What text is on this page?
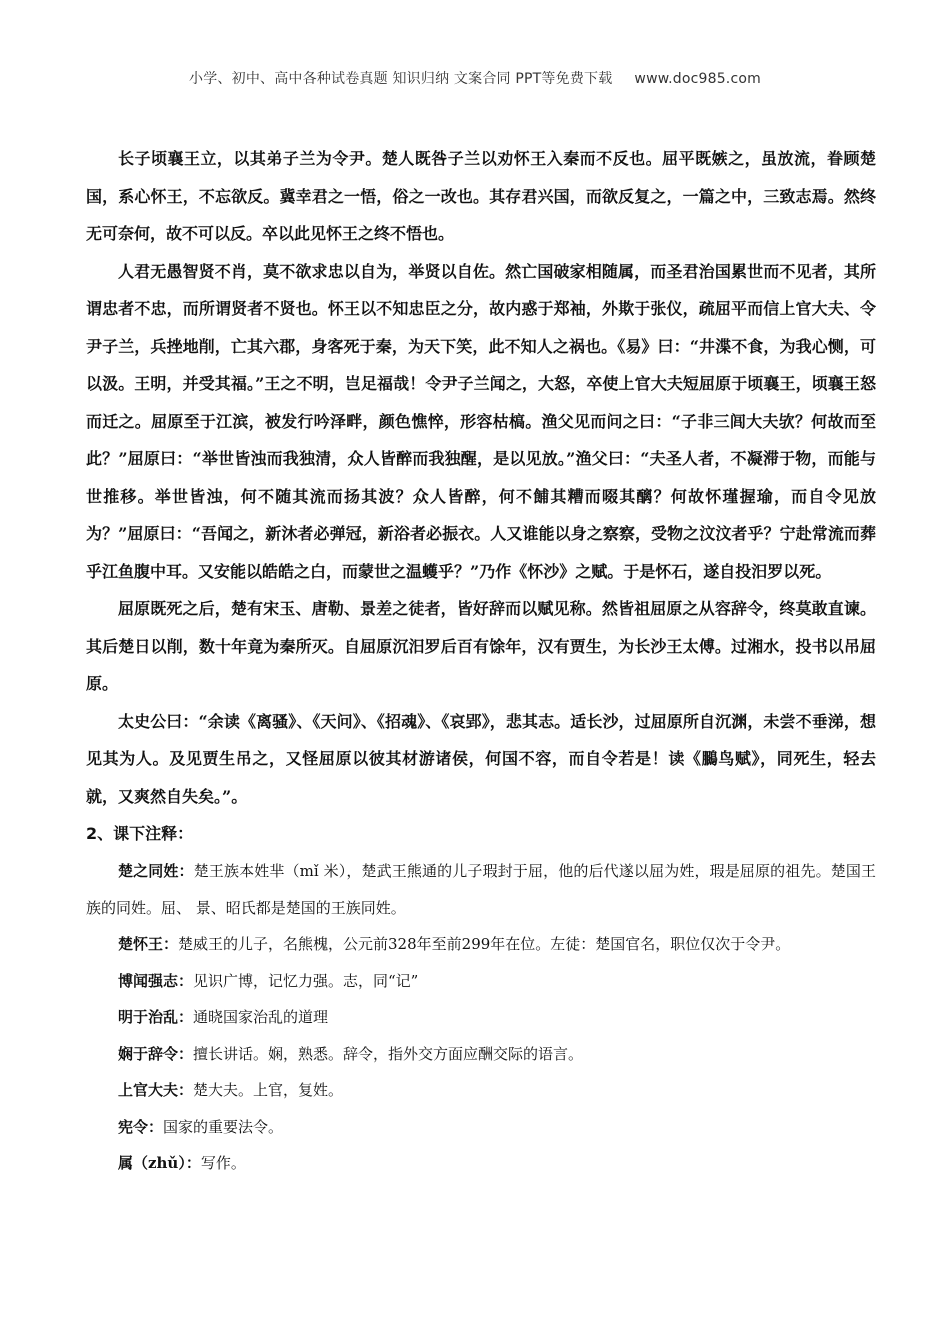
小学、初中、高中各种试卷真题 知识归纳 文案合同 PPT等免费下载 www.doc985.com

长子顷襄王立，以其弟子兰为令尹。楚人既咎子兰以劝怀王入秦而不反也。屈平既嫉之，虽放流，眷顾楚国，系心怀王，不忘欲反。冀幸君之一悟，俗之一改也。其存君兴国，而欲反复之，一篇之中，三致志焉。然终无可奈何，故不可以反。卒以此见怀王之终不悟也。

人君无愚智贤不肖，莫不欲求忠以自为，举贤以自佐。然亡国破家相随属，而圣君治国累世而不见者，其所谓忠者不忠，而所谓贤者不贤也。怀王以不知忠臣之分，故内惑于郑袖，外欺于张仪，疏屈平而信上官大夫、令尹子兰，兵挫地削，亡其六郡，身客死于秦，为天下笑，此不知人之祸也。《易》曰：“井渫不食，为我心恻，可以汲。王明，并受其福。”王之不明，岂足福哉！令尹子兰闻之，大怒，卒使上官大夫短屈原于顷襄王，顷襄王怒而迁之。屈原至于江滨，被发行吟泽畔，颜色憔悴，形容枯槁。渔父见而问之曰：“子非三闾大夫欤？何故而至此？”屈原曰：“举世皆浊而我独清，众人皆醉而我独醒，是以见放。”渔父曰：“夫圣人者，不凝滞于物，而能与世推移。举世皆浊，何不随其流而扬其波？众人皆醉，何不餔其糟而啜其醨？何故怀瑾握瑜，而自令见放为？”屈原曰：“吾闻之，新沐者必弹冠，新浴者必振衣。人又谁能以身之察察，受物之汶汶者乎？宁赴常流而葬乎江鱼腹中耳。又安能以皓皓之白，而蒙世之温蠖乎？”乃作《怀沙》之赋。于是怀石，遂自投汨罗以死。

屈原既死之后，楚有宋玉、唐勒、景差之徒者，皆好辞而以赋见称。然皆祖屈原之从容辞令，终莫敢直谏。其后楚日以削，数十年竟为秦所灭。自屈原沉汨罗后百有馀年，汉有贾生，为长沙王太傅。过湘水，投书以吊屈原。

太史公曰：“余读《离骚》、《天问》、《招魂》、《哀郢》，悲其志。适长沙，过屈原所自沉渊，未尝不垂涕，想见其为人。及见贾生吊之，又怪屈原以彼其材游诸侯，何国不容，而自令若是！读《鵩鸟赋》，同死生，轻去就，又爽然自失矣。”。

2、课下注释：

楚之同姓：楚王族本姓芈（mǐ 米），楚武王熊通的儿子瑕封于屈，他的后代遂以屈为姓，瑕是屈原的祖先。楚国王族的同姓。屈、 景、昭氏都是楚国的王族同姓。

楚怀王：楚威王的儿子，名熊槐，公元前328年至前299年在位。左徒：楚国官名，职位仅次于令尹。

博闻强志：见识广博，记忆力强。志，同“记”

明于治乱：通晓国家治乱的道理

娴于辞令：擅长讲话。娴，熟悉。辞令，指外交方面应酬交际的语言。

上官大夫：楚大夫。上官，复姓。

宪令：国家的重要法令。

属（zhǔ）：写作。
